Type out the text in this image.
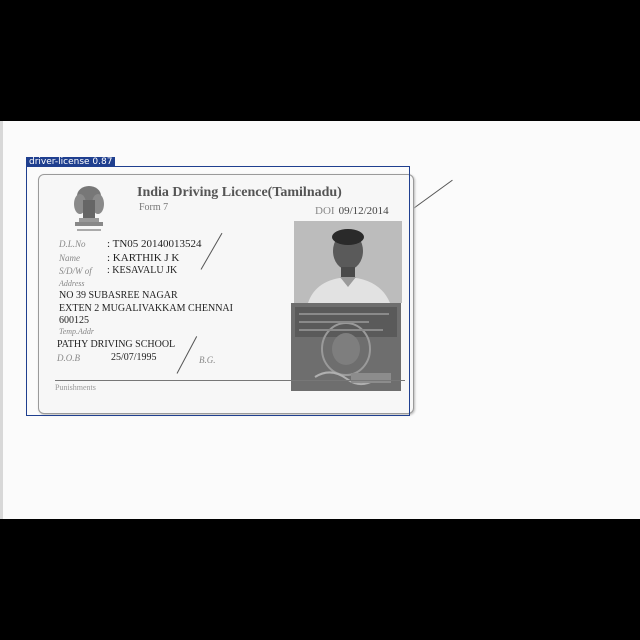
India Driving Licence(Tamilnadu)
Form 7	DOI 09/12/2014
D.L.No : TN05 20140013524
Name : KARTHIK J K
S/D/W of : KESAVALU JK
Address
NO 39 SUBASREE NAGAR
EXTEN 2 MUGALIVAKKAM CHENNAI
600125
Temp.Addr
PATHY DRIVING SCHOOL
D.O.B	25/07/1995	B.G.
Punishments
driver-license 0.87
